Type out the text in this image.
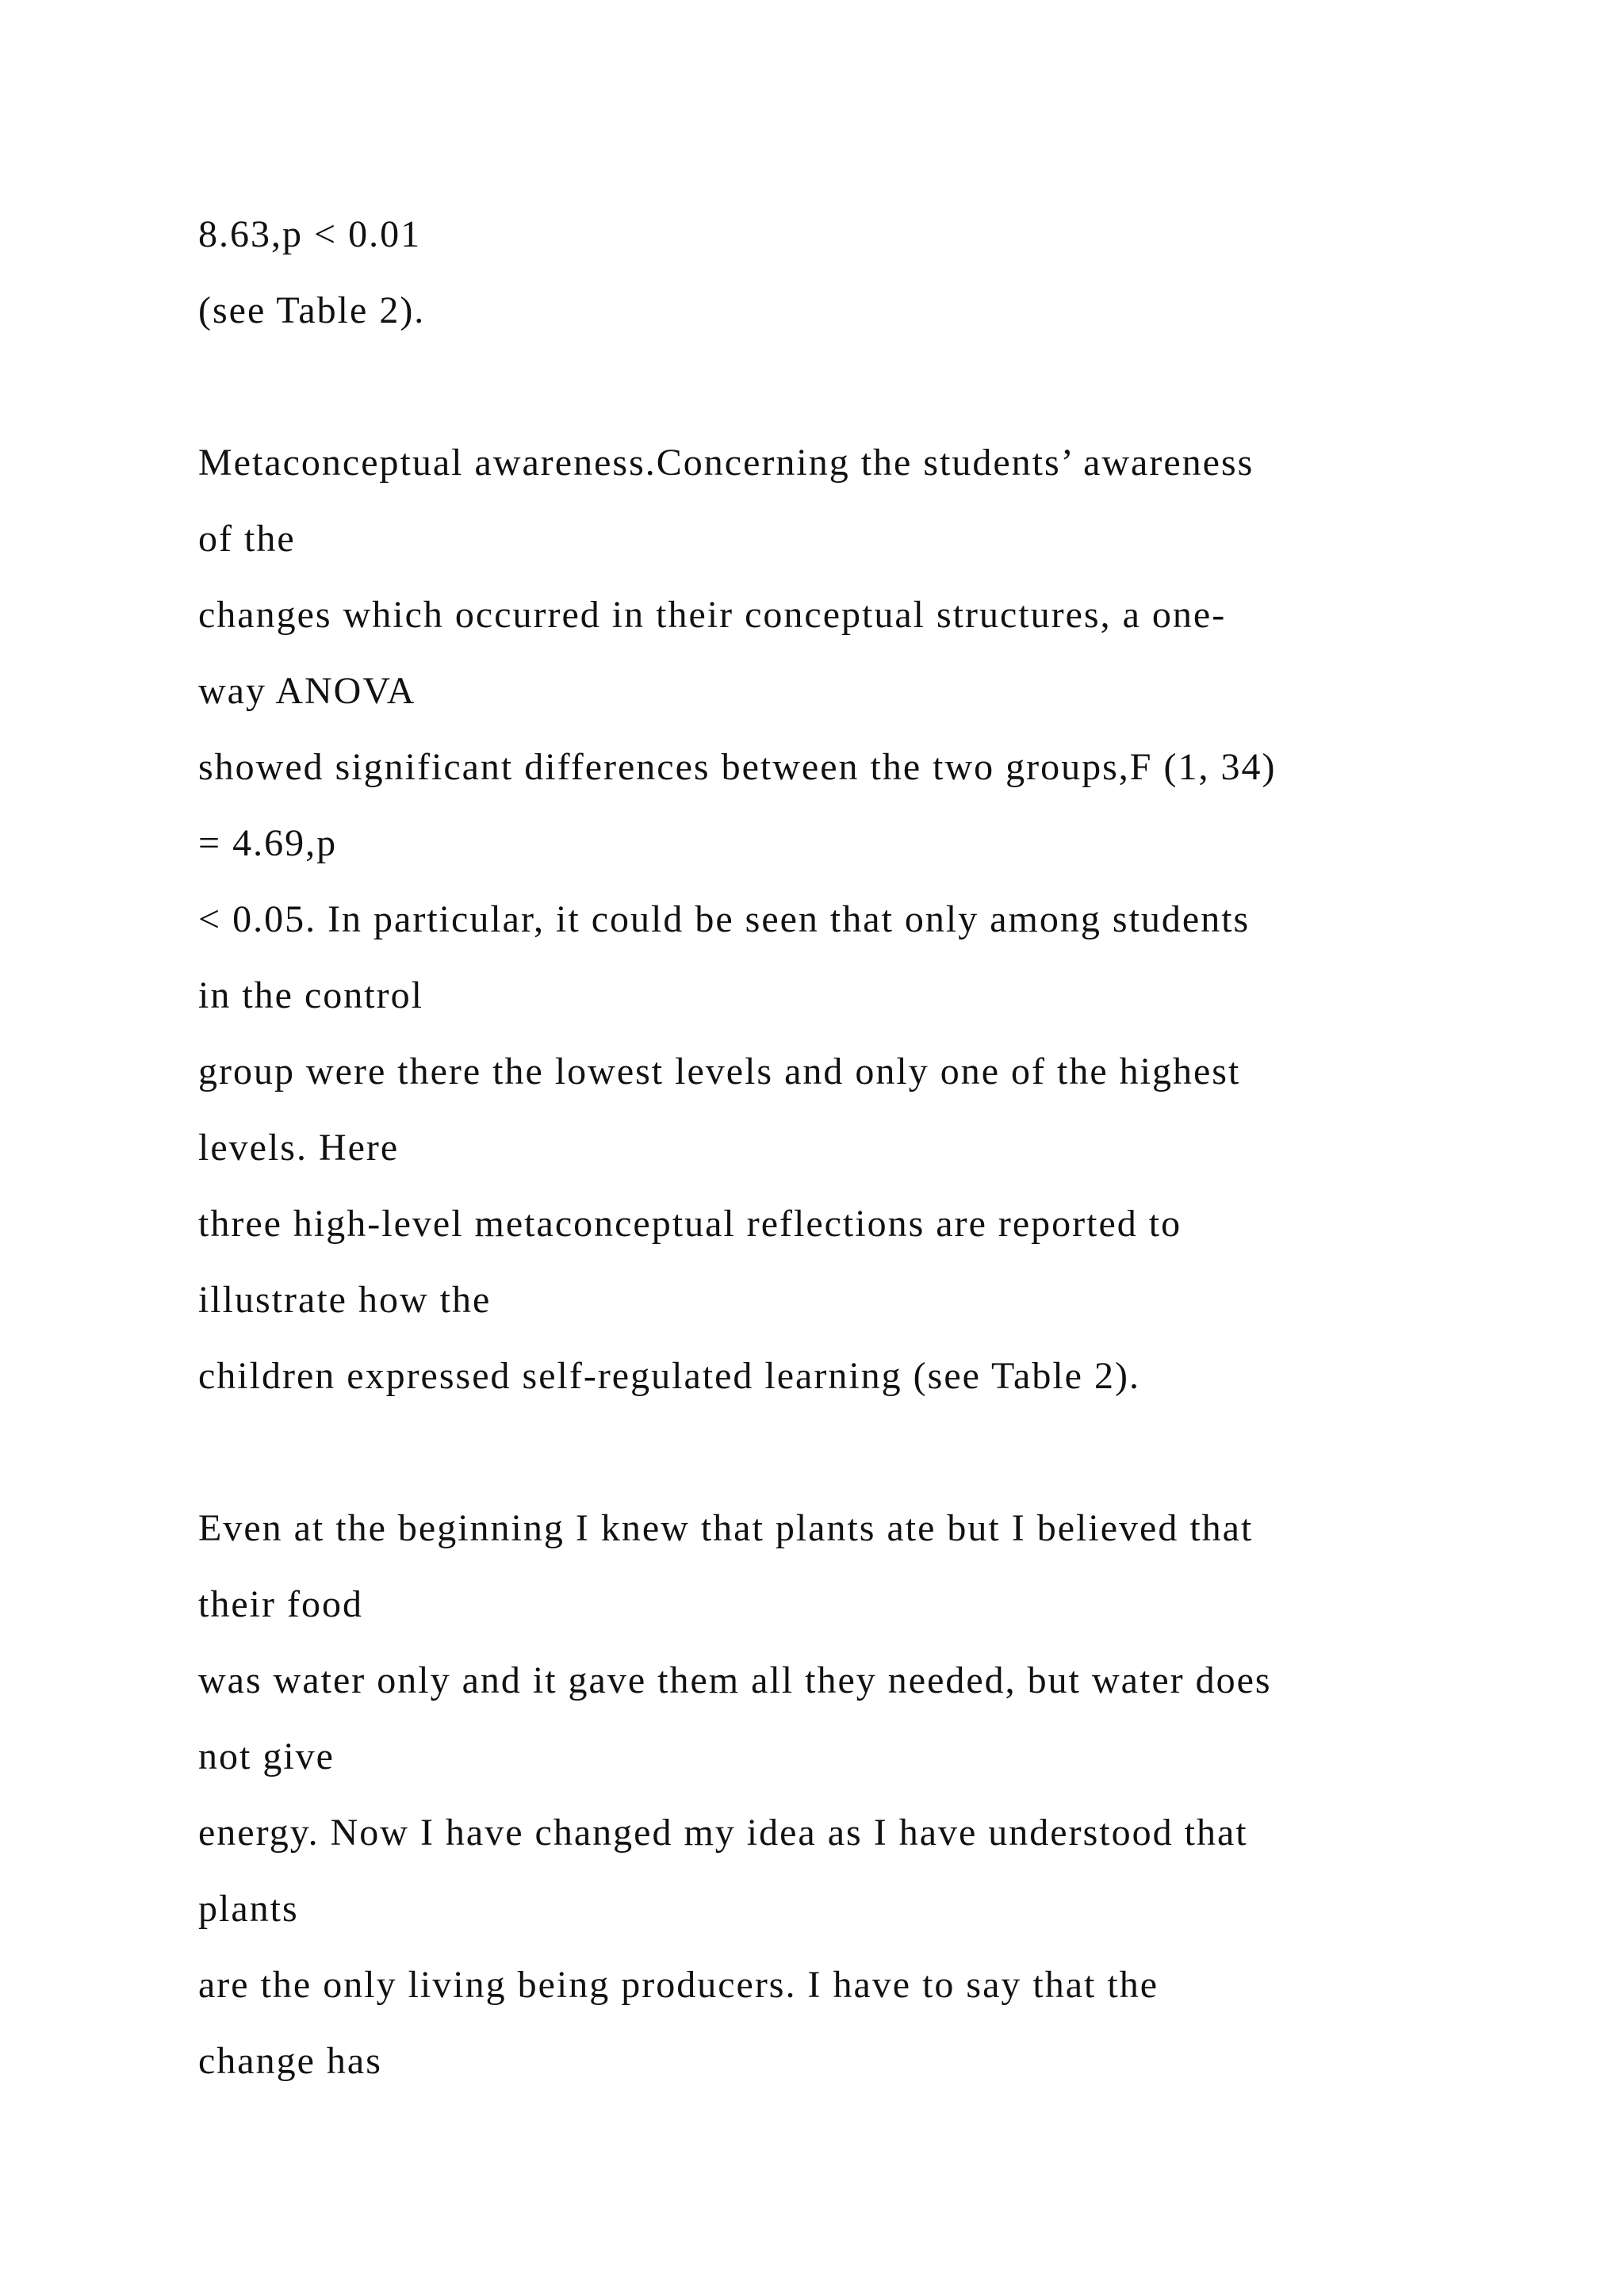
8.63,p < 0.01
(see Table 2).
Metaconceptual awareness.Concerning the students’ awareness
of the
changes which occurred in their conceptual structures, a one-
way ANOVA
showed significant differences between the two groups,F (1, 34)
= 4.69,p
< 0.05. In particular, it could be seen that only among students
in the control
group were there the lowest levels and only one of the highest
levels. Here
three high-level metaconceptual reflections are reported to
illustrate how the
children expressed self-regulated learning (see Table 2).
Even at the beginning I knew that plants ate but I believed that
their food
was water only and it gave them all they needed, but water does
not give
energy. Now I have changed my idea as I have understood that
plants
are the only living being producers. I have to say that the
change has
